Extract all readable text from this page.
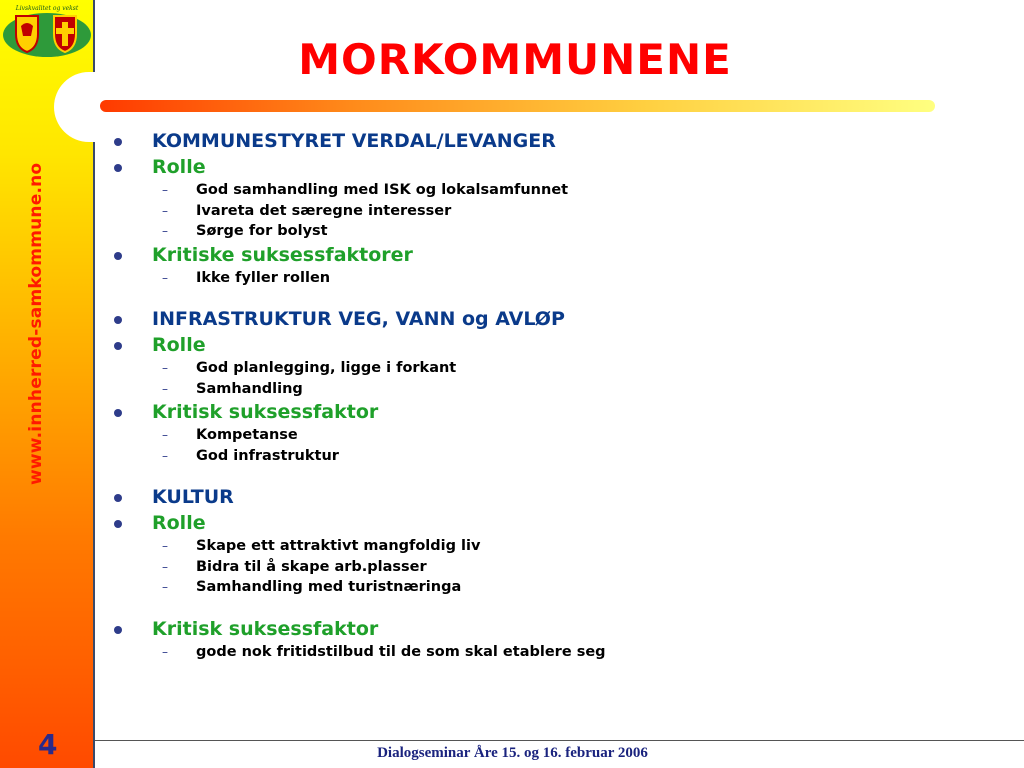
Livskvalitet og vekst
www.innherred-samkommune.no
4
MORKOMMUNENE
KOMMUNESTYRET VERDAL/LEVANGER
Rolle
– God samhandling med ISK og lokalsamfunnet
– Ivareta det særegne interesser
– Sørge for bolyst
Kritiske suksessfaktorer
– Ikke fyller rollen
INFRASTRUKTUR VEG, VANN og AVLØP
Rolle
– God planlegging, ligge i forkant
– Samhandling
Kritisk suksessfaktor
– Kompetanse
– God infrastruktur
KULTUR
Rolle
– Skape ett attraktivt mangfoldig liv
– Bidra til å skape arb.plasser
– Samhandling med turistnæringa
Kritisk suksessfaktor
– gode nok fritidstilbud til de som skal etablere seg
Dialogseminar Åre 15. og 16. februar 2006
